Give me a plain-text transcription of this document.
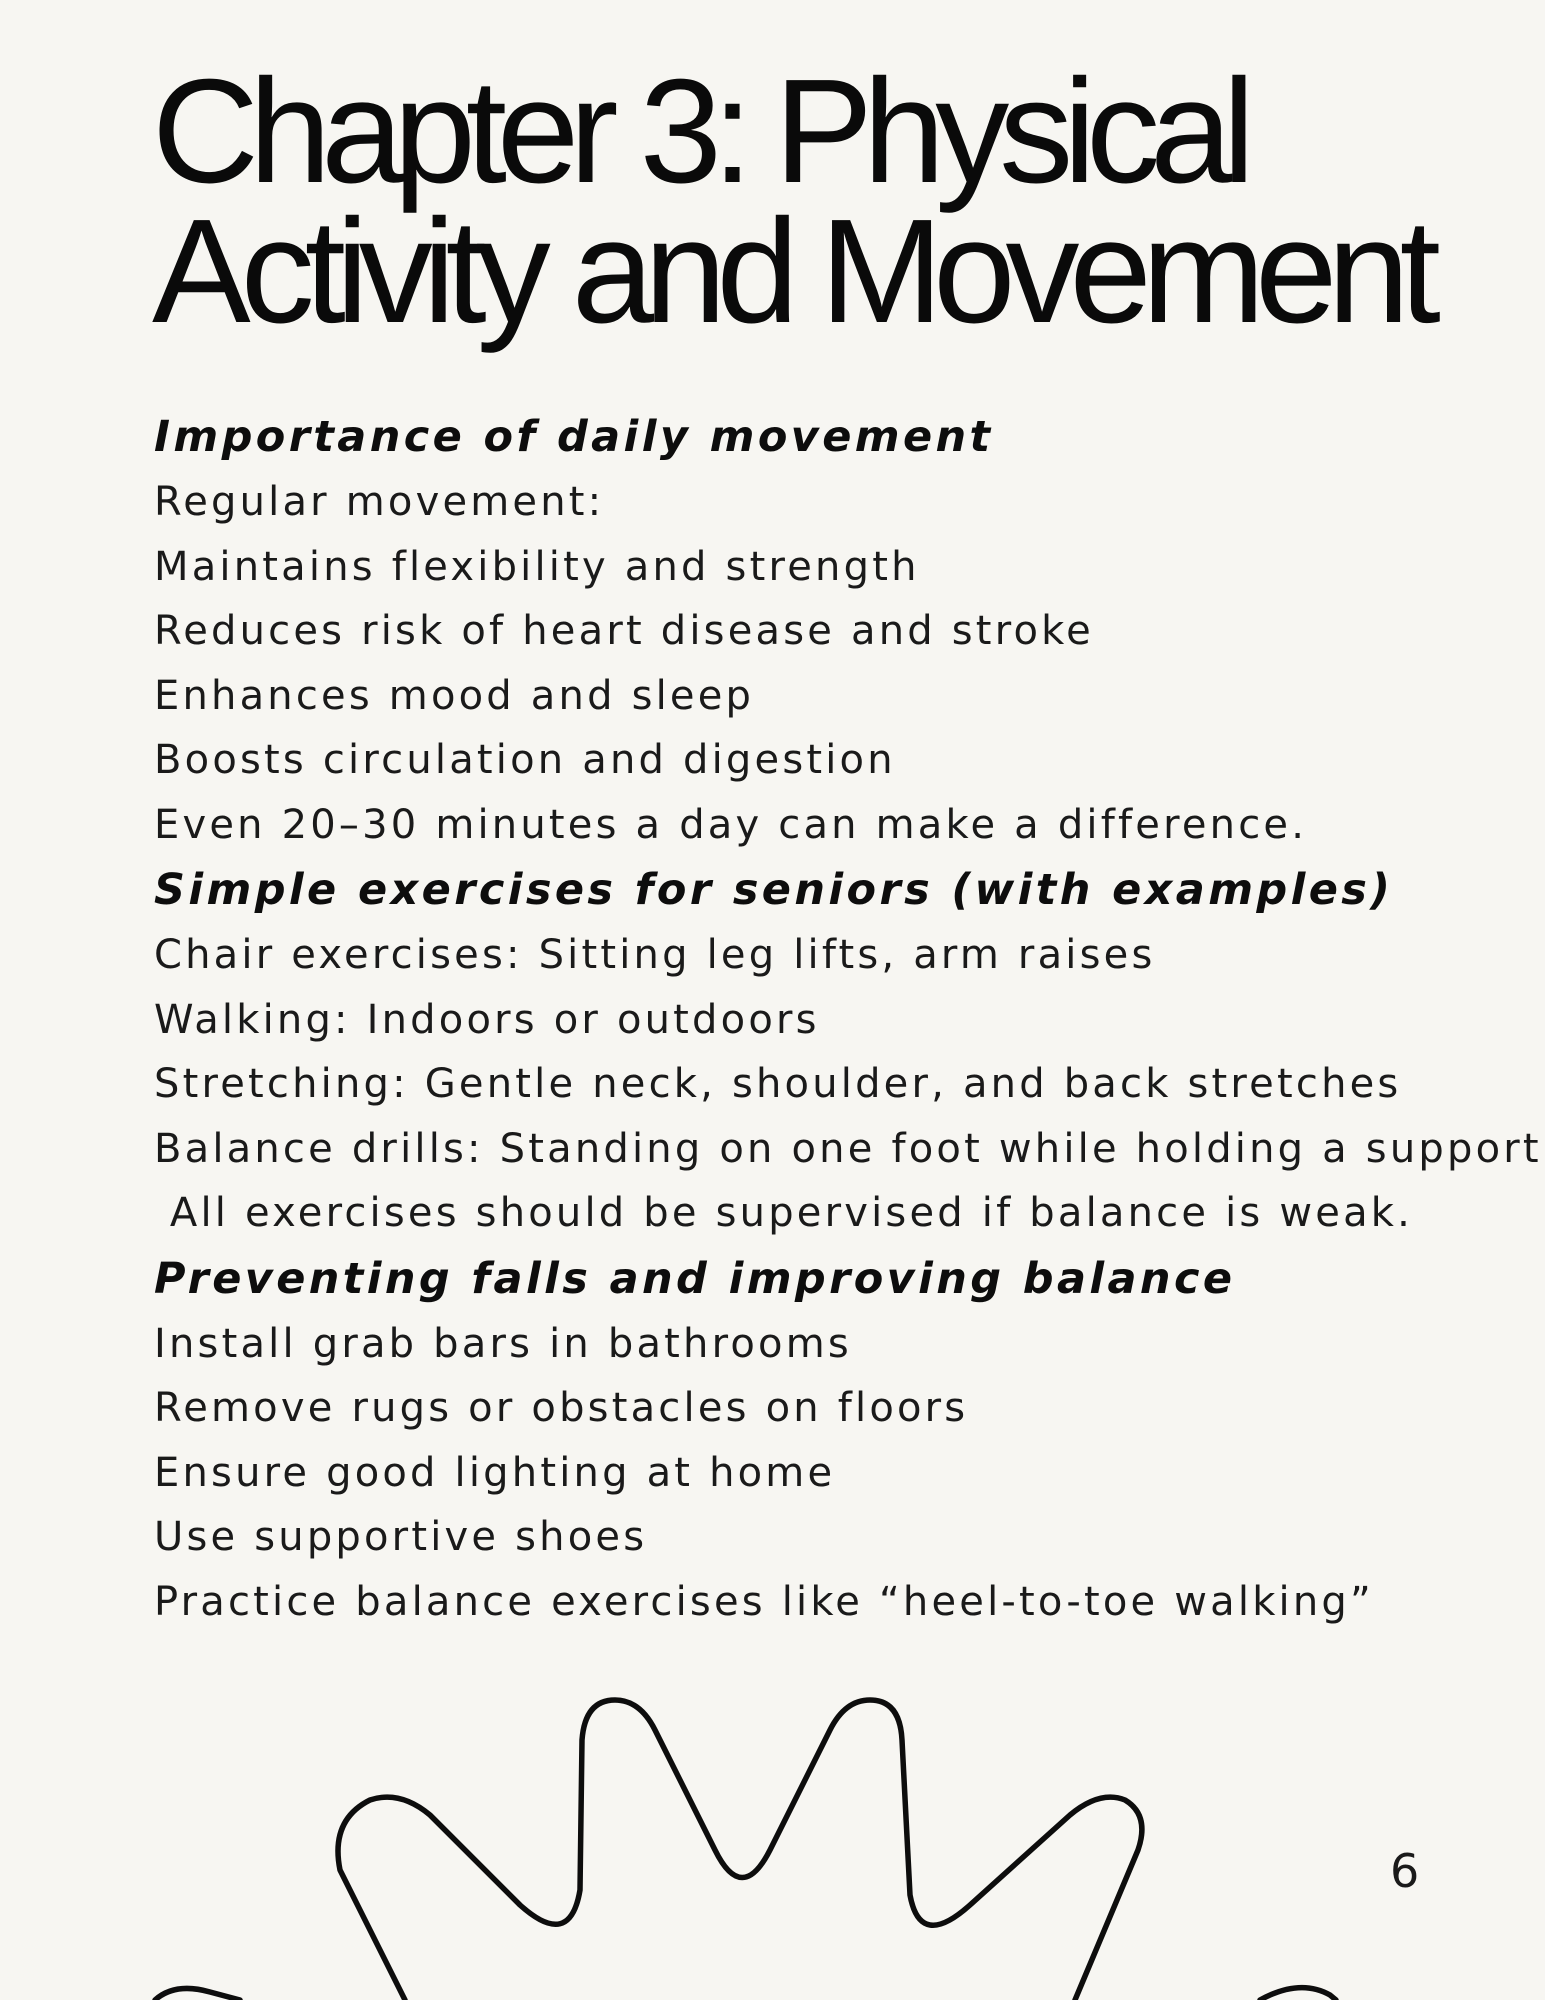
Chapter 3: Physical
Activity and Movement
Importance of daily movement
Regular movement:
Maintains flexibility and strength
Reduces risk of heart disease and stroke
Enhances mood and sleep
Boosts circulation and digestion
Even 20–30 minutes a day can make a difference.
Simple exercises for seniors (with examples)
Chair exercises: Sitting leg lifts, arm raises
Walking: Indoors or outdoors
Stretching: Gentle neck, shoulder, and back stretches
Balance drills: Standing on one foot while holding a support
All exercises should be supervised if balance is weak.
Preventing falls and improving balance
Install grab bars in bathrooms
Remove rugs or obstacles on floors
Ensure good lighting at home
Use supportive shoes
Practice balance exercises like “heel-to-toe walking”
6
